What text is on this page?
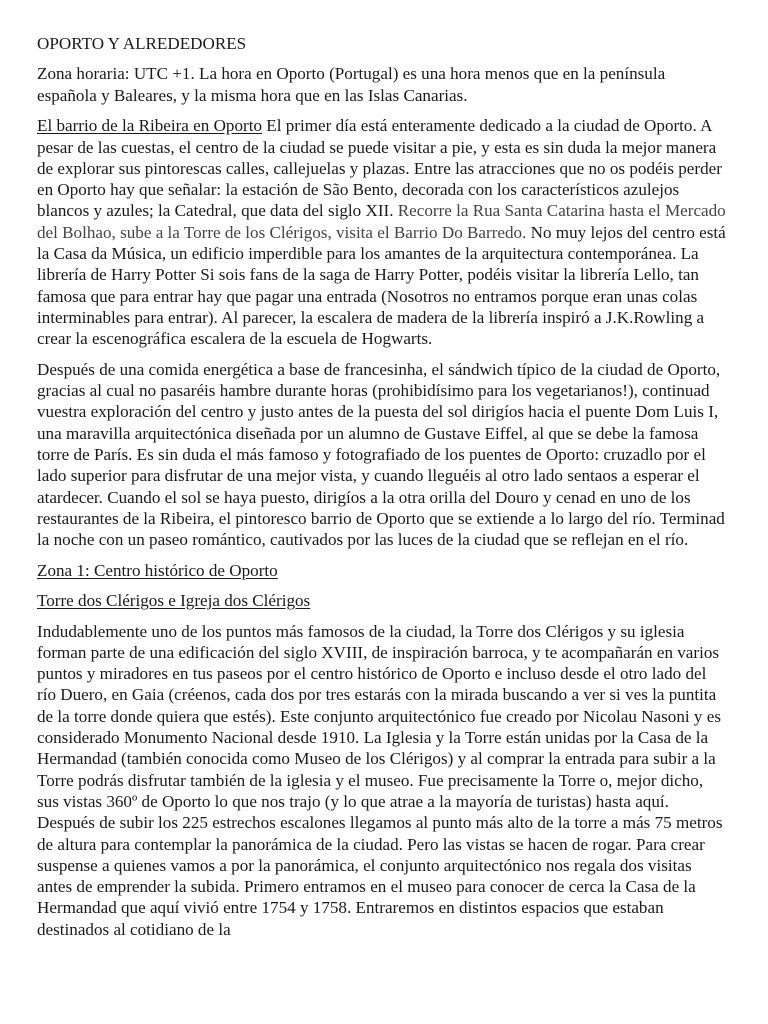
OPORTO Y ALREDEDORES

Zona horaria: UTC +1. La hora en Oporto (Portugal) es una hora menos que en la península española y Baleares, y la misma hora que en las Islas Canarias.

El barrio de la Ribeira en Oporto El primer día está enteramente dedicado a la ciudad de Oporto. A pesar de las cuestas, el centro de la ciudad se puede visitar a pie, y esta es sin duda la mejor manera de explorar sus pintorescas calles, callejuelas y plazas. Entre las atracciones que no os podéis perder en Oporto hay que señalar: la estación de São Bento, decorada con los característicos azulejos blancos y azules; la Catedral, que data del siglo XII. Recorre la Rua Santa Catarina hasta el Mercado del Bolhao, sube a la Torre de los Clérigos, visita el Barrio Do Barredo. No muy lejos del centro está la Casa da Música, un edificio imperdible para los amantes de la arquitectura contemporánea. La librería de Harry Potter Si sois fans de la saga de Harry Potter, podéis visitar la librería Lello, tan famosa que para entrar hay que pagar una entrada (Nosotros no entramos porque eran unas colas interminables para entrar). Al parecer, la escalera de madera de la librería inspiró a J.K.Rowling a crear la escenográfica escalera de la escuela de Hogwarts.

Después de una comida energética a base de francesinha, el sándwich típico de la ciudad de Oporto, gracias al cual no pasaréis hambre durante horas (prohibidísimo para los vegetarianos!), continuad vuestra exploración del centro y justo antes de la puesta del sol dirigíos hacia el puente Dom Luis I, una maravilla arquitectónica diseñada por un alumno de Gustave Eiffel, al que se debe la famosa torre de París. Es sin duda el más famoso y fotografiado de los puentes de Oporto: cruzadlo por el lado superior para disfrutar de una mejor vista, y cuando lleguéis al otro lado sentaos a esperar el atardecer. Cuando el sol se haya puesto, dirigíos a la otra orilla del Douro y cenad en uno de los restaurantes de la Ribeira, el pintoresco barrio de Oporto que se extiende a lo largo del río. Terminad la noche con un paseo romántico, cautivados por las luces de la ciudad que se reflejan en el río.

Zona 1: Centro histórico de Oporto

Torre dos Clérigos e Igreja dos Clérigos

Indudablemente uno de los puntos más famosos de la ciudad, la Torre dos Clérigos y su iglesia forman parte de una edificación del siglo XVIII, de inspiración barroca, y te acompañarán en varios puntos y miradores en tus paseos por el centro histórico de Oporto e incluso desde el otro lado del río Duero, en Gaia (créenos, cada dos por tres estarás con la mirada buscando a ver si ves la puntita de la torre donde quiera que estés). Este conjunto arquitectónico fue creado por Nicolau Nasoni y es considerado Monumento Nacional desde 1910. La Iglesia y la Torre están unidas por la Casa de la Hermandad (también conocida como Museo de los Clérigos) y al comprar la entrada para subir a la Torre podrás disfrutar también de la iglesia y el museo. Fue precisamente la Torre o, mejor dicho, sus vistas 360º de Oporto lo que nos trajo (y lo que atrae a la mayoría de turistas) hasta aquí. Después de subir los 225 estrechos escalones llegamos al punto más alto de la torre a más 75 metros de altura para contemplar la panorámica de la ciudad. Pero las vistas se hacen de rogar. Para crear suspense a quienes vamos a por la panorámica, el conjunto arquitectónico nos regala dos visitas antes de emprender la subida. Primero entramos en el museo para conocer de cerca la Casa de la Hermandad que aquí vivió entre 1754 y 1758. Entraremos en distintos espacios que estaban destinados al cotidiano de la
